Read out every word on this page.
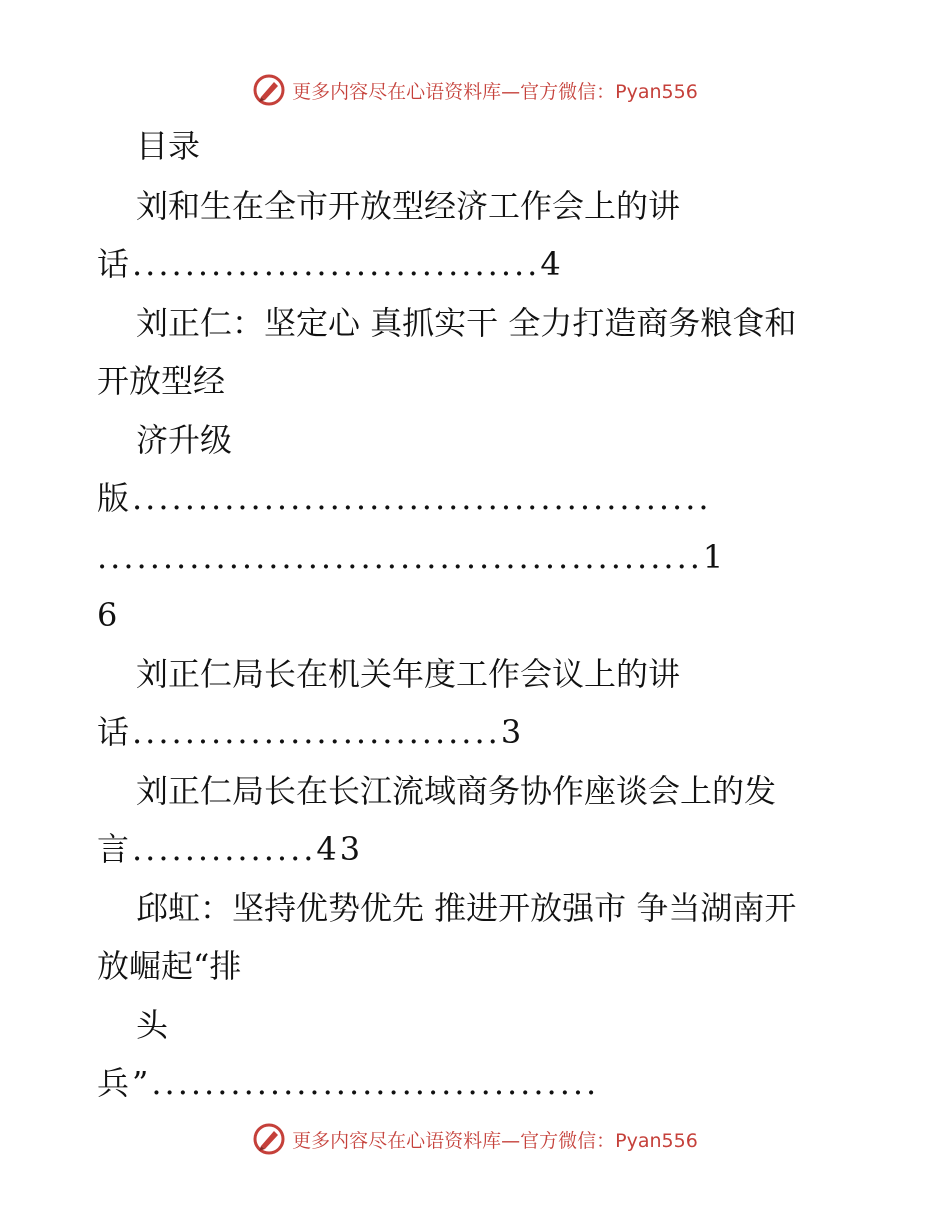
更多内容尽在心语资料库—官方微信：Pyan556
目录
刘和生在全市开放型经济工作会上的讲
话...............................4
刘正仁：坚定心 真抓实干 全力打造商务粮食和
开放型经
济升级
版............................................
..............................................1
6
刘正仁局长在机关年度工作会议上的讲
话............................3
刘正仁局长在长江流域商务协作座谈会上的发
言..............43
邱虹：坚持优势优先 推进开放强市 争当湖南开
放崛起“排
头
兵”..................................
更多内容尽在心语资料库—官方微信：Pyan556
